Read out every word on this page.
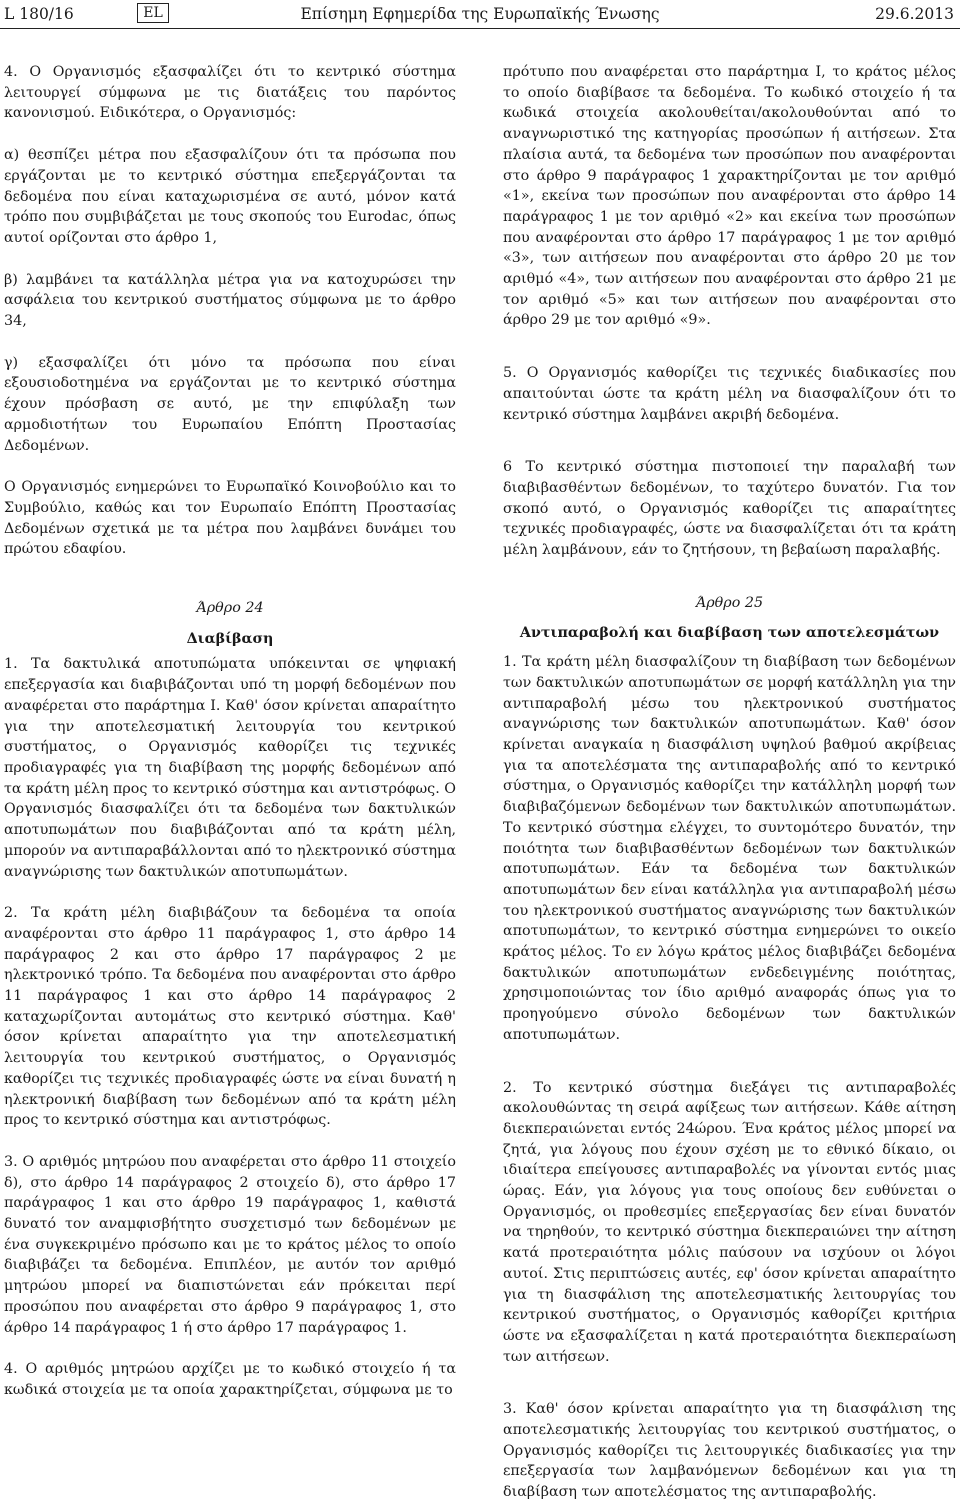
L 180/16	EL	Επίσημη Εφημερίδα της Ευρωπαϊκής Ένωσης	29.6.2013

4. Ο Οργανισμός εξασφαλίζει ότι το κεντρικό σύστημα λειτουργεί σύμφωνα με τις διατάξεις του παρόντος κανονισμού. Ειδικότερα, ο Οργανισμός:

α) θεσπίζει μέτρα που εξασφαλίζουν ότι τα πρόσωπα που εργάζονται με το κεντρικό σύστημα επεξεργάζονται τα δεδομένα που είναι καταχωρισμένα σε αυτό, μόνον κατά τρόπο που συμβιβάζεται με τους σκοπούς του Eurodac, όπως αυτοί ορίζονται στο άρθρο 1,

β) λαμβάνει τα κατάλληλα μέτρα για να κατοχυρώσει την ασφάλεια του κεντρικού συστήματος σύμφωνα με το άρθρο 34,

γ) εξασφαλίζει ότι μόνο τα πρόσωπα που είναι εξουσιοδοτημένα να εργάζονται με το κεντρικό σύστημα έχουν πρόσβαση σε αυτό, με την επιφύλαξη των αρμοδιοτήτων του Ευρωπαίου Επόπτη Προστασίας Δεδομένων.

Ο Οργανισμός ενημερώνει το Ευρωπαϊκό Κοινοβούλιο και το Συμβούλιο, καθώς και τον Ευρωπαίο Επόπτη Προστασίας Δεδομένων σχετικά με τα μέτρα που λαμβάνει δυνάμει του πρώτου εδαφίου.

Άρθρο 24

Διαβίβαση

1. Τα δακτυλικά αποτυπώματα υπόκεινται σε ψηφιακή επεξεργασία και διαβιβάζονται υπό τη μορφή δεδομένων που αναφέρεται στο παράρτημα I. Καθ' όσον κρίνεται απαραίτητο για την αποτελεσματική λειτουργία του κεντρικού συστήματος, ο Οργανισμός καθορίζει τις τεχνικές προδιαγραφές για τη διαβίβαση της μορφής δεδομένων από τα κράτη μέλη προς το κεντρικό σύστημα και αντιστρόφως. Ο Οργανισμός διασφαλίζει ότι τα δεδομένα των δακτυλικών αποτυπωμάτων που διαβιβάζονται από τα κράτη μέλη, μπορούν να αντιπαραβάλλονται από το ηλεκτρονικό σύστημα αναγνώρισης των δακτυλικών αποτυπωμάτων.

2. Τα κράτη μέλη διαβιβάζουν τα δεδομένα τα οποία αναφέρονται στο άρθρο 11 παράγραφος 1, στο άρθρο 14 παράγραφος 2 και στο άρθρο 17 παράγραφος 2 με ηλεκτρονικό τρόπο. Τα δεδομένα που αναφέρονται στο άρθρο 11 παράγραφος 1 και στο άρθρο 14 παράγραφος 2 καταχωρίζονται αυτομάτως στο κεντρικό σύστημα. Καθ' όσον κρίνεται απαραίτητο για την αποτελεσματική λειτουργία του κεντρικού συστήματος, ο Οργανισμός καθορίζει τις τεχνικές προδιαγραφές ώστε να είναι δυνατή η ηλεκτρονική διαβίβαση των δεδομένων από τα κράτη μέλη προς το κεντρικό σύστημα και αντιστρόφως.

3. Ο αριθμός μητρώου που αναφέρεται στο άρθρο 11 στοιχείο δ), στο άρθρο 14 παράγραφος 2 στοιχείο δ), στο άρθρο 17 παράγραφος 1 και στο άρθρο 19 παράγραφος 1, καθιστά δυνατό τον αναμφισβήτητο συσχετισμό των δεδομένων με ένα συγκεκριμένο πρόσωπο και με το κράτος μέλος το οποίο διαβιβάζει τα δεδομένα. Επιπλέον, με αυτόν τον αριθμό μητρώου μπορεί να διαπιστώνεται εάν πρόκειται περί προσώπου που αναφέρεται στο άρθρο 9 παράγραφος 1, στο άρθρο 14 παράγραφος 1 ή στο άρθρο 17 παράγραφος 1.

4. Ο αριθμός μητρώου αρχίζει με το κωδικό στοιχείο ή τα κωδικά στοιχεία με τα οποία χαρακτηρίζεται, σύμφωνα με το

πρότυπο που αναφέρεται στο παράρτημα I, το κράτος μέλος το οποίο διαβίβασε τα δεδομένα. Το κωδικό στοιχείο ή τα κωδικά στοιχεία ακολουθείται/ακολουθούνται από το αναγνωριστικό της κατηγορίας προσώπων ή αιτήσεων. Στα πλαίσια αυτά, τα δεδομένα των προσώπων που αναφέρονται στο άρθρο 9 παράγραφος 1 χαρακτηρίζονται με τον αριθμό «1», εκείνα των προσώπων που αναφέρονται στο άρθρο 14 παράγραφος 1 με τον αριθμό «2» και εκείνα των προσώπων που αναφέρονται στο άρθρο 17 παράγραφος 1 με τον αριθμό «3», των αιτήσεων που αναφέρονται στο άρθρο 20 με τον αριθμό «4», των αιτήσεων που αναφέρονται στο άρθρο 21 με τον αριθμό «5» και των αιτήσεων που αναφέρονται στο άρθρο 29 με τον αριθμό «9».

5. Ο Οργανισμός καθορίζει τις τεχνικές διαδικασίες που απαιτούνται ώστε τα κράτη μέλη να διασφαλίζουν ότι το κεντρικό σύστημα λαμβάνει ακριβή δεδομένα.

6 Το κεντρικό σύστημα πιστοποιεί την παραλαβή των διαβιβασθέντων δεδομένων, το ταχύτερο δυνατόν. Για τον σκοπό αυτό, ο Οργανισμός καθορίζει τις απαραίτητες τεχνικές προδιαγραφές, ώστε να διασφαλίζεται ότι τα κράτη μέλη λαμβάνουν, εάν το ζητήσουν, τη βεβαίωση παραλαβής.

Άρθρο 25

Αντιπαραβολή και διαβίβαση των αποτελεσμάτων

1. Τα κράτη μέλη διασφαλίζουν τη διαβίβαση των δεδομένων των δακτυλικών αποτυπωμάτων σε μορφή κατάλληλη για την αντιπαραβολή μέσω του ηλεκτρονικού συστήματος αναγνώρισης των δακτυλικών αποτυπωμάτων. Καθ' όσον κρίνεται αναγκαία η διασφάλιση υψηλού βαθμού ακρίβειας για τα αποτελέσματα της αντιπαραβολής από το κεντρικό σύστημα, ο Οργανισμός καθορίζει την κατάλληλη μορφή των διαβιβαζόμενων δεδομένων των δακτυλικών αποτυπωμάτων. Το κεντρικό σύστημα ελέγχει, το συντομότερο δυνατόν, την ποιότητα των διαβιβασθέντων δεδομένων των δακτυλικών αποτυπωμάτων. Εάν τα δεδομένα των δακτυλικών αποτυπωμάτων δεν είναι κατάλληλα για αντιπαραβολή μέσω του ηλεκτρονικού συστήματος αναγνώρισης των δακτυλικών αποτυπωμάτων, το κεντρικό σύστημα ενημερώνει το οικείο κράτος μέλος. Το εν λόγω κράτος μέλος διαβιβάζει δεδομένα δακτυλικών αποτυπωμάτων ενδεδειγμένης ποιότητας, χρησιμοποιώντας τον ίδιο αριθμό αναφοράς όπως για το προηγούμενο σύνολο δεδομένων των δακτυλικών αποτυπωμάτων.

2. Το κεντρικό σύστημα διεξάγει τις αντιπαραβολές ακολουθώντας τη σειρά αφίξεως των αιτήσεων. Κάθε αίτηση διεκπεραιώνεται εντός 24ώρου. Ένα κράτος μέλος μπορεί να ζητά, για λόγους που έχουν σχέση με το εθνικό δίκαιο, οι ιδιαίτερα επείγουσες αντιπαραβολές να γίνονται εντός μιας ώρας. Εάν, για λόγους για τους οποίους δεν ευθύνεται ο Οργανισμός, οι προθεσμίες επεξεργασίας δεν είναι δυνατόν να τηρηθούν, το κεντρικό σύστημα διεκπεραιώνει την αίτηση κατά προτεραιότητα μόλις παύσουν να ισχύουν οι λόγοι αυτοί. Στις περιπτώσεις αυτές, εφ' όσον κρίνεται απαραίτητο για τη διασφάλιση της αποτελεσματικής λειτουργίας του κεντρικού συστήματος, ο Οργανισμός καθορίζει κριτήρια ώστε να εξασφαλίζεται η κατά προτεραιότητα διεκπεραίωση των αιτήσεων.

3. Καθ' όσον κρίνεται απαραίτητο για τη διασφάλιση της αποτελεσματικής λειτουργίας του κεντρικού συστήματος, ο Οργανισμός καθορίζει τις λειτουργικές διαδικασίες για την επεξεργασία των λαμβανόμενων δεδομένων και για τη διαβίβαση των αποτελέσματος της αντιπαραβολής.
